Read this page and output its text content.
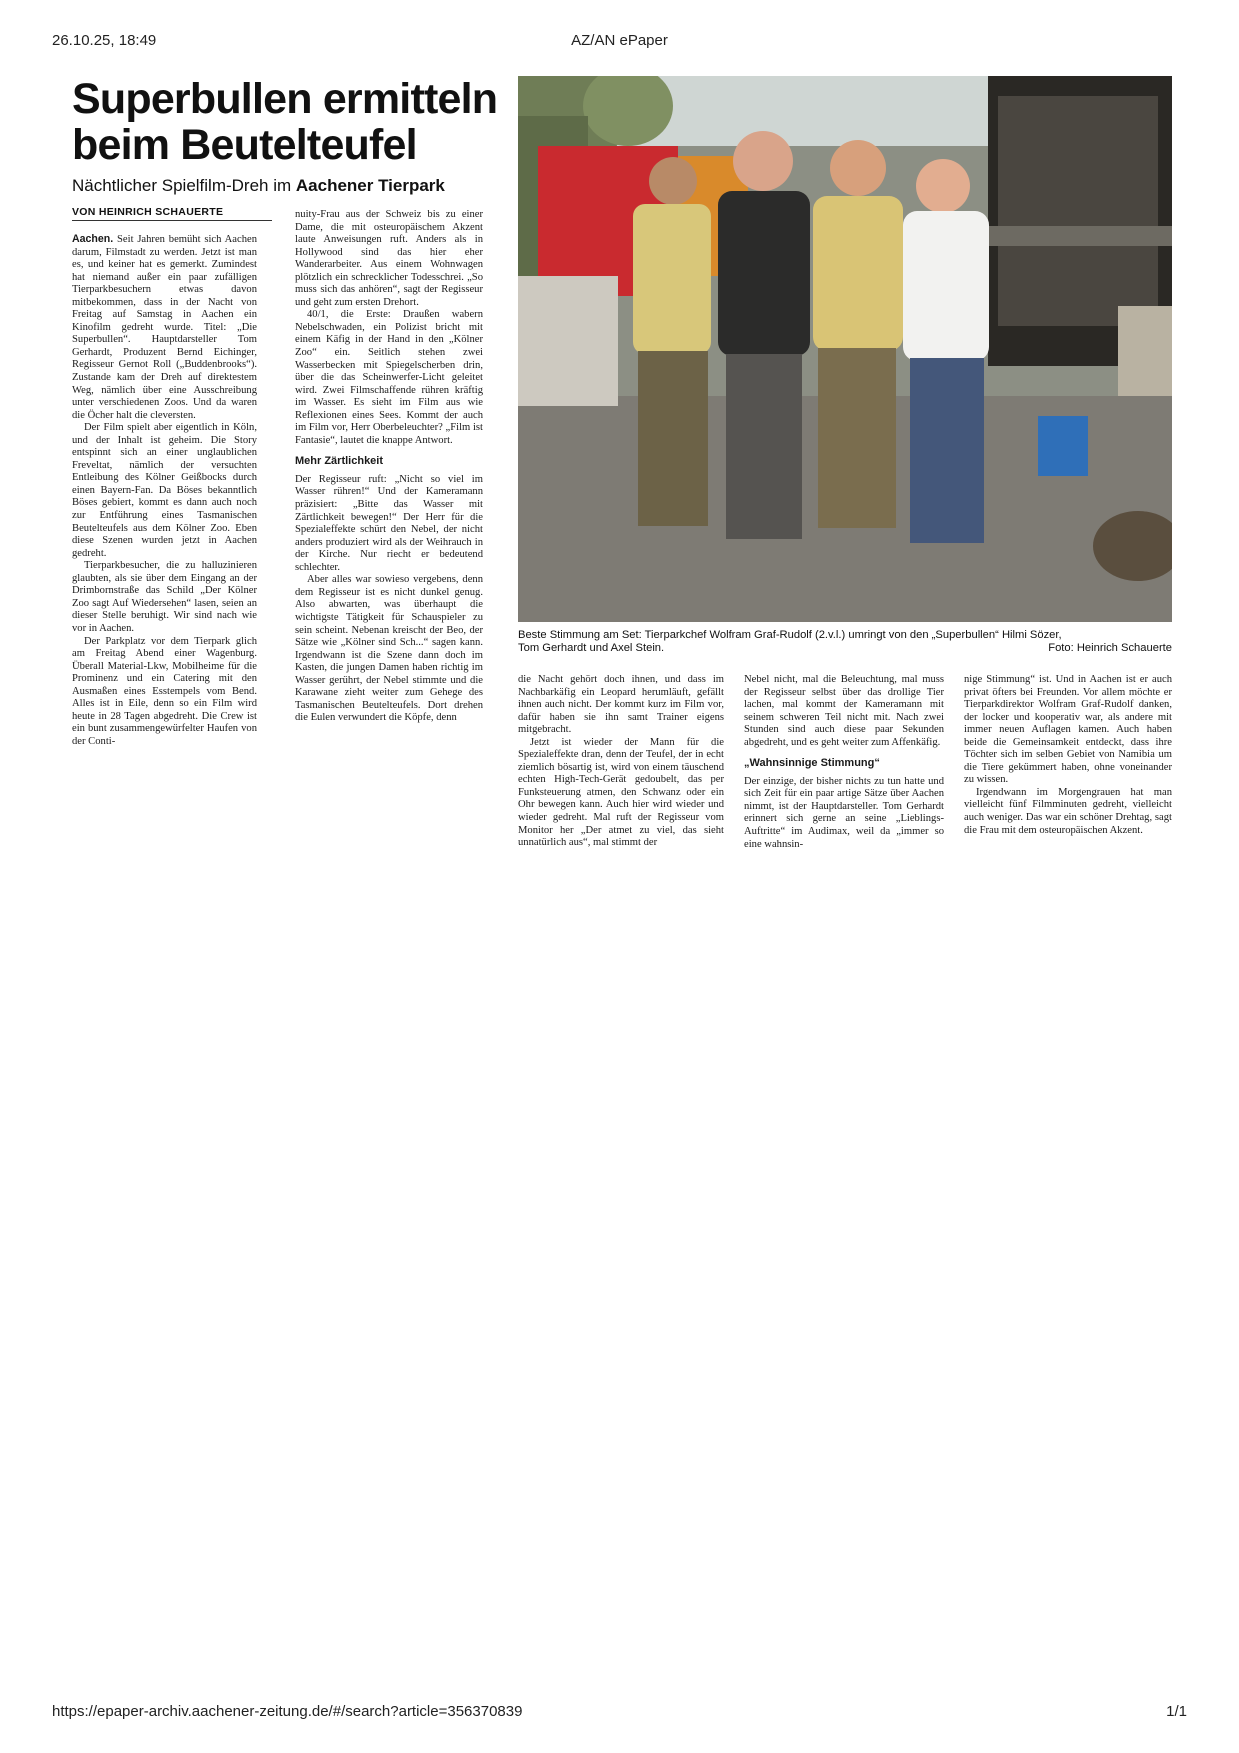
26.10.25, 18:49	AZ/AN ePaper
Superbullen ermitteln
beim Beutelteufel
Nächtlicher Spielfilm-Dreh im Aachener Tierpark
VON HEINRICH SCHAUERTE

Aachen. Seit Jahren bemüht sich Aachen darum, Filmstadt zu werden. Jetzt ist man es, und keiner hat es gemerkt. Zumindest hat niemand außer ein paar zufälligen Tierparkbesuchern etwas davon mitbekommen, dass in der Nacht von Freitag auf Samstag in Aachen ein Kinofilm gedreht wurde. Titel: „Die Superbullen“. Hauptdarsteller Tom Gerhardt, Produzent Bernd Eichinger, Regisseur Gernot Roll („Buddenbrooks“). Zustande kam der Dreh auf direktestem Weg, nämlich über eine Ausschreibung unter verschiedenen Zoos. Und da waren die Öcher halt die cleversten.

Der Film spielt aber eigentlich in Köln, und der Inhalt ist geheim. Die Story entspinnt sich an einer unglaublichen Freveltat, nämlich der versuchten Entleibung des Kölner Geißbocks durch einen Bayern-Fan. Da Böses bekanntlich Böses gebiert, kommt es dann auch noch zur Entführung eines Tasmanischen Beutelteufels aus dem Kölner Zoo. Eben diese Szenen wurden jetzt in Aachen gedreht.

Tierparkbesucher, die zu halluzinieren glaubten, als sie über dem Eingang an der Drimbornstraße das Schild „Der Kölner Zoo sagt Auf Wiedersehen“ lasen, seien an dieser Stelle beruhigt. Wir sind nach wie vor in Aachen.

Der Parkplatz vor dem Tierpark glich am Freitag Abend einer Wagenburg. Überall Material-Lkw, Mobilheime für die Prominenz und ein Catering mit den Ausmaßen eines Esstempels vom Bend. Alles ist in Eile, denn so ein Film wird heute in 28 Tagen abgedreht. Die Crew ist ein bunt zusammengewürfelter Haufen von der Conti-

nuity-Frau aus der Schweiz bis zu einer Dame, die mit osteuropäischem Akzent laute Anweisungen ruft. Anders als in Hollywood sind das hier eher Wanderarbeiter. Aus einem Wohnwagen plötzlich ein schrecklicher Todesschrei. „So muss sich das anhören“, sagt der Regisseur und geht zum ersten Drehort.

40/1, die Erste: Draußen wabern Nebelschwaden, ein Polizist bricht mit einem Käfig in der Hand in den „Kölner Zoo“ ein. Seitlich stehen zwei Wasserbecken mit Spiegelscherben drin, über die das Scheinwerfer-Licht geleitet wird. Zwei Filmschaffende rühren kräftig im Wasser. Es sieht im Film aus wie Reflexionen eines Sees. Kommt der auch im Film vor, Herr Oberbeleuchter? „Film ist Fantasie“, lautet die knappe Antwort.

Mehr Zärtlichkeit

Der Regisseur ruft: „Nicht so viel im Wasser rühren!“ Und der Kameramann präzisiert: „Bitte das Wasser mit Zärtlichkeit bewegen!“ Der Herr für die Spezialeffekte schürt den Nebel, der nicht anders produziert wird als der Weihrauch in der Kirche. Nur riecht er bedeutend schlechter.

Aber alles war sowieso vergebens, denn dem Regisseur ist es nicht dunkel genug. Also abwarten, was überhaupt die wichtigste Tätigkeit für Schauspieler zu sein scheint. Nebenan kreischt der Beo, der Sätze wie „Kölner sind Sch...“ sagen kann. Irgendwann ist die Szene dann doch im Kasten, die jungen Damen haben richtig im Wasser gerührt, der Nebel stimmte und die Karawane zieht weiter zum Gehege des Tasmanischen Beutelteufels. Dort drehen die Eulen verwundert die Köpfe, denn

Beste Stimmung am Set: Tierparkchef Wolfram Graf-Rudolf (2.v.l.) umringt von den „Superbullen“ Hilmi Sözer,
Tom Gerhardt und Axel Stein.	Foto: Heinrich Schauerte

die Nacht gehört doch ihnen, und dass im Nachbarkäfig ein Leopard herumläuft, gefällt ihnen auch nicht. Der kommt kurz im Film vor, dafür haben sie ihn samt Trainer eigens mitgebracht.

Jetzt ist wieder der Mann für die Spezialeffekte dran, denn der Teufel, der in echt ziemlich bösartig ist, wird von einem täuschend echten High-Tech-Gerät gedoubelt, das per Funksteuerung atmen, den Schwanz oder ein Ohr bewegen kann. Auch hier wird wieder und wieder gedreht. Mal ruft der Regisseur vom Monitor her „Der atmet zu viel, das sieht unnatürlich aus“, mal stimmt der

Nebel nicht, mal die Beleuchtung, mal muss der Regisseur selbst über das drollige Tier lachen, mal kommt der Kameramann mit seinem schweren Teil nicht mit. Nach zwei Stunden sind auch diese paar Sekunden abgedreht, und es geht weiter zum Affenkäfig.

„Wahnsinnige Stimmung“

Der einzige, der bisher nichts zu tun hatte und sich Zeit für ein paar artige Sätze über Aachen nimmt, ist der Hauptdarsteller. Tom Gerhardt erinnert sich gerne an seine „Lieblings-Auftritte“ im Audimax, weil da „immer so eine wahnsin-

nige Stimmung“ ist. Und in Aachen ist er auch privat öfters bei Freunden. Vor allem möchte er Tierparkdirektor Wolfram Graf-Rudolf danken, der locker und kooperativ war, als andere mit immer neuen Auflagen kamen. Auch haben beide die Gemeinsamkeit entdeckt, dass ihre Töchter sich im selben Gebiet von Namibia um die Tiere gekümmert haben, ohne voneinander zu wissen.

Irgendwann im Morgengrauen hat man vielleicht fünf Filmminuten gedreht, vielleicht auch weniger. Das war ein schöner Drehtag, sagt die Frau mit dem osteuropäischen Akzent.

https://epaper-archiv.aachener-zeitung.de/#/search?article=356370839	1/1
